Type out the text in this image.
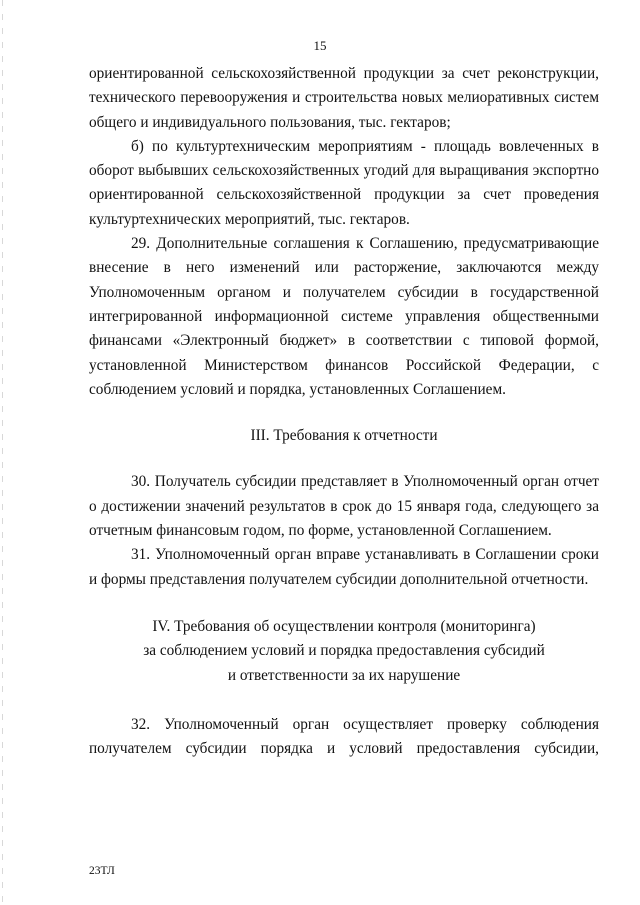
15

ориентированной сельскохозяйственной продукции за счет реконструкции, технического перевооружения и строительства новых мелиоративных систем общего и индивидуального пользования, тыс. гектаров;

б) по культуртехническим мероприятиям - площадь вовлеченных в оборот выбывших сельскохозяйственных угодий для выращивания экспортно ориентированной сельскохозяйственной продукции за счет проведения культуртехнических мероприятий, тыс. гектаров.

29. Дополнительные соглашения к Соглашению, предусматривающие внесение в него изменений или расторжение, заключаются между Уполномоченным органом и получателем субсидии в государственной интегрированной информационной системе управления общественными финансами «Электронный бюджет» в соответствии с типовой формой, установленной Министерством финансов Российской Федерации, с соблюдением условий и порядка, установленных Соглашением.

III. Требования к отчетности

30. Получатель субсидии представляет в Уполномоченный орган отчет о достижении значений результатов в срок до 15 января года, следующего за отчетным финансовым годом, по форме, установленной Соглашением.

31. Уполномоченный орган вправе устанавливать в Соглашении сроки и формы представления получателем субсидии дополнительной отчетности.

IV. Требования об осуществлении контроля (мониторинга)
за соблюдением условий и порядка предоставления субсидий
и ответственности за их нарушение

32. Уполномоченный орган осуществляет проверку соблюдения получателем субсидии порядка и условий предоставления субсидии,

23ТЛ
